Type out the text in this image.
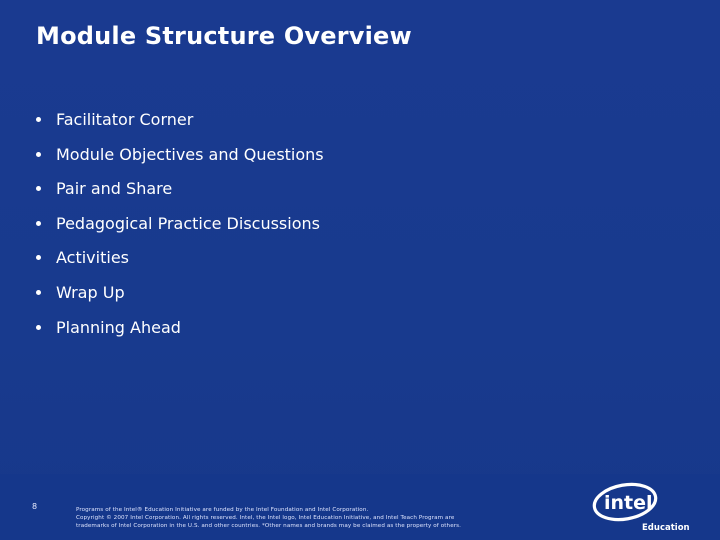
Module Structure Overview
Facilitator Corner
Module Objectives and Questions
Pair and Share
Pedagogical Practice Discussions
Activities
Wrap Up
Planning Ahead
8	Programs of the Intel® Education Initiative are funded by the Intel Foundation and Intel Corporation.
Copyright © 2007 Intel Corporation. All rights reserved. Intel, the Intel logo, Intel Education Initiative, and Intel Teach Program are
trademarks of Intel Corporation in the U.S. and other countries. *Other names and brands may be claimed as the property of others.
intel
Education
